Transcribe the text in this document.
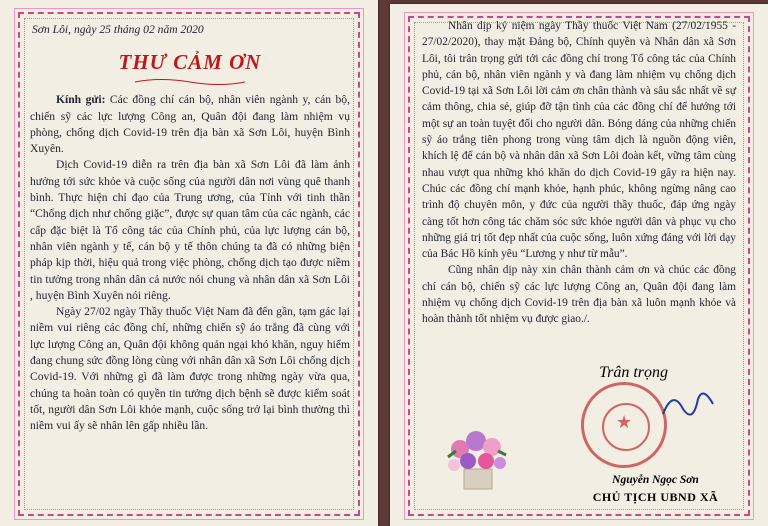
Sơn Lôi, ngày 25 tháng 02 năm 2020
THƯ CẢM ƠN

Kính gửi: Các đồng chí cán bộ, nhân viên ngành y, cán bộ, chiến sỹ các lực lượng Công an, Quân đội đang làm nhiệm vụ phòng, chống dịch Covid-19 trên địa bàn xã Sơn Lôi, huyện Bình Xuyên.

Dịch Covid-19 diễn ra trên địa bàn xã Sơn Lôi đã làm ảnh hưởng tới sức khỏe và cuộc sống của người dân nơi vùng quê thanh bình. Thực hiện chỉ đạo của Trung ương, của Tỉnh với tinh thần “Chống dịch như chống giặc”, được sự quan tâm của các ngành, các cấp đặc biệt là Tổ công tác của Chính phủ, của lực lượng cán bộ, nhân viên ngành y tế, cán bộ y tế thôn chúng ta đã có những biện pháp kịp thời, hiệu quả trong việc phòng, chống dịch tạo được niềm tin tưởng trong nhân dân cả nước nói chung và nhân dân xã Sơn Lôi , huyện Bình Xuyên nói riêng.

Ngày 27/02 ngày Thầy thuốc Việt Nam đã đến gần, tạm gác lại niềm vui riêng các đồng chí, những chiến sỹ áo trắng đã cùng với lực lượng Công an, Quân đội không quản ngại khó khăn, nguy hiểm đang chung sức đồng lòng cùng với nhân dân xã Sơn Lôi chống dịch Covid-19. Với những gì đã làm được trong những ngày vừa qua, chúng ta hoàn toàn có quyền tin tưởng dịch bệnh sẽ được kiểm soát tốt, người dân Sơn Lôi khỏe mạnh, cuộc sống trở lại bình thường thì niềm vui ấy sẽ nhân lên gấp nhiều lần.

Nhân dịp kỷ niệm ngày Thầy thuốc Việt Nam (27/02/1955 - 27/02/2020), thay mặt Đảng bộ, Chính quyền và Nhân dân xã Sơn Lôi, tôi trân trọng gửi tới các đồng chí trong Tổ công tác của Chính phủ, cán bộ, nhân viên ngành y và đang làm nhiệm vụ chống dịch Covid-19 tại xã Sơn Lôi lời cảm ơn chân thành và sâu sắc nhất về sự cảm thông, chia sẻ, giúp đỡ tận tình của các đồng chí để hướng tới một sự an toàn tuyệt đối cho người dân. Bóng dáng của những chiến sỹ áo trắng tiên phong trong vùng tâm dịch là nguồn động viên, khích lệ để cán bộ và nhân dân xã Sơn Lôi đoàn kết, vững tâm cùng nhau vượt qua những khó khăn do dịch Covid-19 gây ra hiện nay. Chúc các đồng chí mạnh khỏe, hạnh phúc, không ngừng nâng cao trình độ chuyên môn, y đức của người thầy thuốc, đáp ứng ngày càng tốt hơn công tác chăm sóc sức khỏe người dân và phục vụ cho những giá trị tốt đẹp nhất của cuộc sống, luôn xứng đáng với lời dạy của Bác Hồ kính yêu “Lương y như từ mẫu”.

Cũng nhân dịp này xin chân thành cảm ơn và chúc các đồng chí cán bộ, chiến sỹ các lực lượng Công an, Quân đội đang làm nhiệm vụ chống dịch Covid-19 trên địa bàn xã luôn mạnh khỏe và hoàn thành tốt nhiệm vụ được giao./.

Trân trọng
★
Nguyễn Ngọc Sơn
CHỦ TỊCH UBND XÃ
